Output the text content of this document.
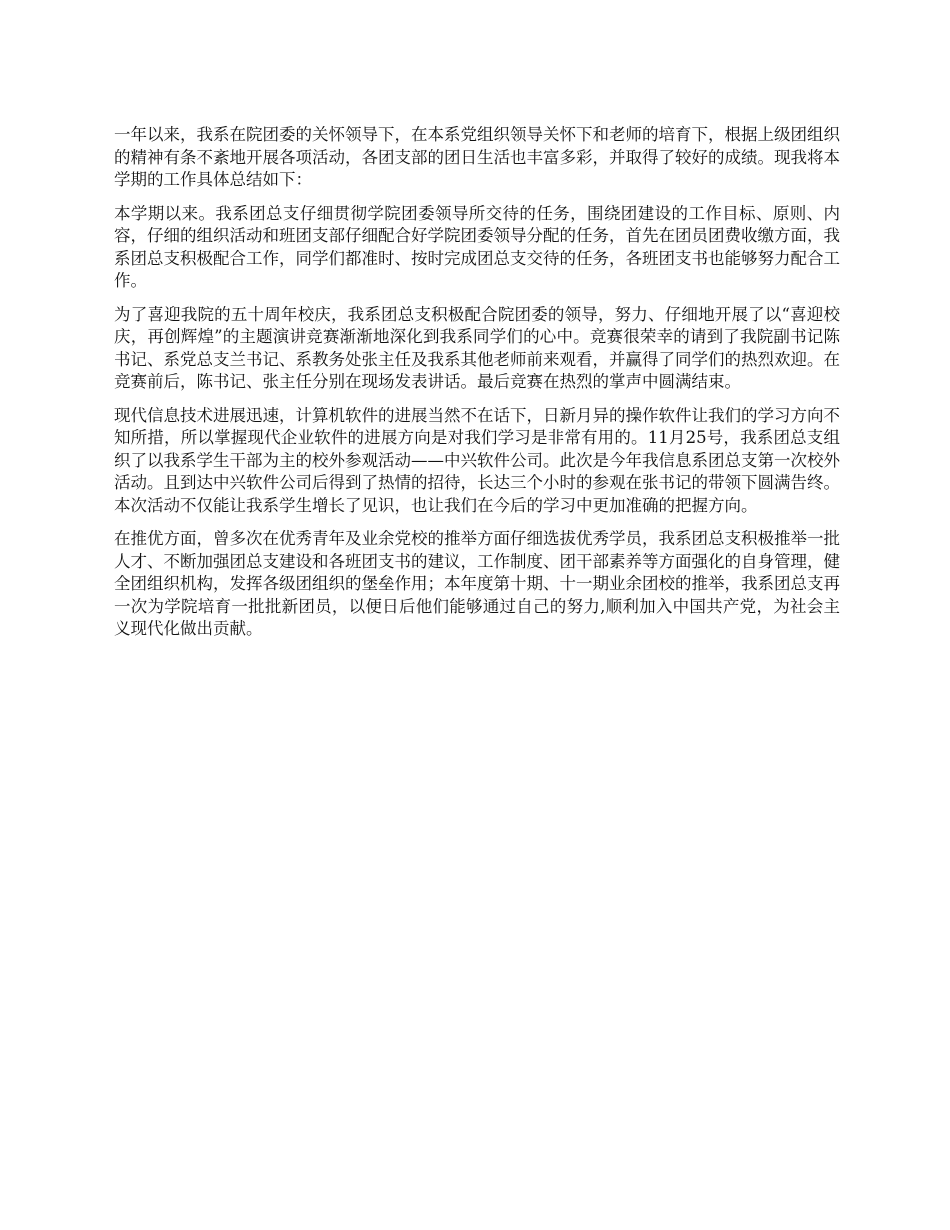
一年以来，我系在院团委的关怀领导下，在本系党组织领导关怀下和老师的培育下，根据上级团组织的精神有条不紊地开展各项活动，各团支部的团日生活也丰富多彩，并取得了较好的成绩。现我将本学期的工作具体总结如下：

本学期以来。我系团总支仔细贯彻学院团委领导所交待的任务，围绕团建设的工作目标、原则、内容，仔细的组织活动和班团支部仔细配合好学院团委领导分配的任务，首先在团员团费收缴方面，我系团总支积极配合工作，同学们都准时、按时完成团总支交待的任务，各班团支书也能够努力配合工作。

为了喜迎我院的五十周年校庆，我系团总支积极配合院团委的领导，努力、仔细地开展了以“喜迎校庆，再创辉煌”的主题演讲竞赛渐渐地深化到我系同学们的心中。竞赛很荣幸的请到了我院副书记陈书记、系党总支兰书记、系教务处张主任及我系其他老师前来观看，并赢得了同学们的热烈欢迎。在竞赛前后，陈书记、张主任分别在现场发表讲话。最后竞赛在热烈的掌声中圆满结束。

现代信息技术进展迅速，计算机软件的进展当然不在话下，日新月异的操作软件让我们的学习方向不知所措，所以掌握现代企业软件的进展方向是对我们学习是非常有用的。11月25号，我系团总支组织了以我系学生干部为主的校外参观活动——中兴软件公司。此次是今年我信息系团总支第一次校外活动。且到达中兴软件公司后得到了热情的招待，长达三个小时的参观在张书记的带领下圆满告终。本次活动不仅能让我系学生增长了见识，也让我们在今后的学习中更加准确的把握方向。

在推优方面，曾多次在优秀青年及业余党校的推举方面仔细选拔优秀学员，我系团总支积极推举一批人才、不断加强团总支建设和各班团支书的建议，工作制度、团干部素养等方面强化的自身管理，健全团组织机构，发挥各级团组织的堡垒作用；本年度第十期、十一期业余团校的推举，我系团总支再一次为学院培育一批批新团员，以便日后他们能够通过自己的努力,顺利加入中国共产党，为社会主义现代化做出贡献。
